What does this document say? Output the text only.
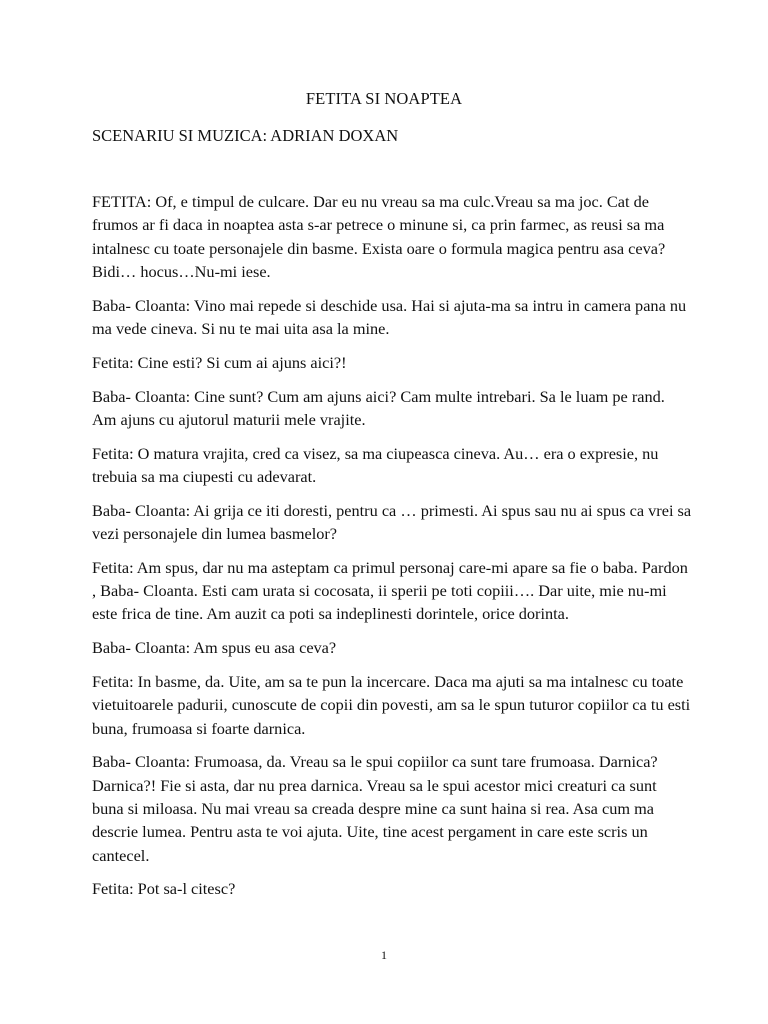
FETITA SI NOAPTEA
SCENARIU SI MUZICA: ADRIAN DOXAN

FETITA: Of, e timpul de culcare. Dar eu nu vreau sa ma culc.Vreau sa ma joc. Cat de frumos ar fi daca in noaptea asta s-ar petrece o minune si, ca prin farmec, as reusi sa ma intalnesc cu toate personajele din basme. Exista oare o formula magica pentru asa ceva? Bidi… hocus…Nu-mi iese.

Baba- Cloanta: Vino mai repede si deschide usa. Hai si ajuta-ma sa intru in camera pana nu ma vede cineva. Si nu te mai uita asa la mine.

Fetita: Cine esti? Si cum ai ajuns aici?!

Baba- Cloanta: Cine sunt? Cum am ajuns aici? Cam multe intrebari. Sa le luam pe rand. Am ajuns cu ajutorul maturii mele vrajite.

Fetita: O matura vrajita, cred ca visez, sa ma ciupeasca cineva. Au… era o expresie, nu trebuia sa ma ciupesti cu adevarat.

Baba- Cloanta: Ai grija ce iti doresti, pentru ca … primesti. Ai spus sau nu ai spus ca vrei sa vezi personajele din lumea basmelor?

Fetita: Am spus, dar nu ma asteptam ca primul personaj care-mi apare sa fie o baba. Pardon , Baba- Cloanta. Esti cam urata si cocosata, ii sperii pe toti copiii…. Dar uite, mie nu-mi este frica de tine. Am auzit ca poti sa indeplinesti dorintele, orice dorinta.

Baba- Cloanta: Am spus eu asa ceva?

Fetita: In basme, da. Uite, am sa te pun la incercare. Daca ma ajuti sa ma intalnesc cu toate vietuitoarele padurii, cunoscute de copii din povesti, am sa le spun tuturor copiilor ca tu esti buna, frumoasa si foarte darnica.

Baba- Cloanta: Frumoasa, da. Vreau sa le spui copiilor ca sunt tare frumoasa. Darnica? Darnica?! Fie si asta, dar nu prea darnica. Vreau sa le spui acestor mici creaturi ca sunt buna si miloasa. Nu mai vreau sa creada despre mine ca sunt haina si rea. Asa cum ma descrie lumea. Pentru asta te voi ajuta. Uite, tine acest pergament in care este scris un cantecel.

Fetita: Pot sa-l citesc?

1
